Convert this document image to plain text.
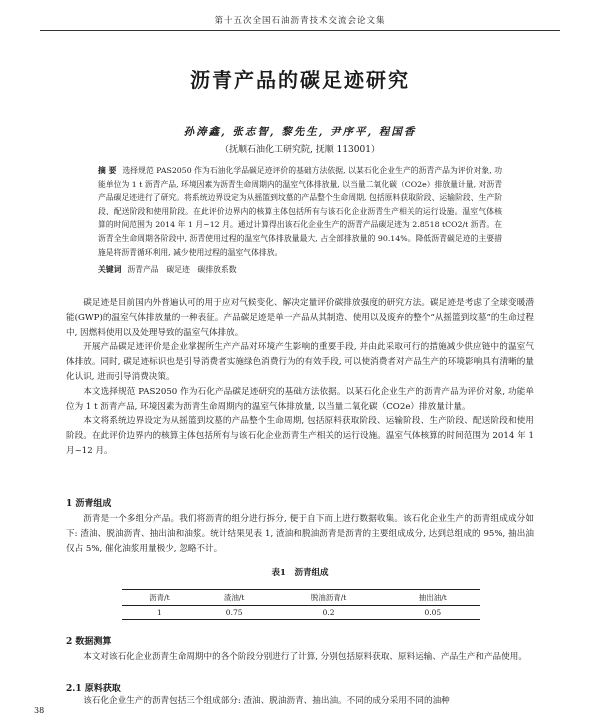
第十五次全国石油沥青技术交流会论文集
沥青产品的碳足迹研究
孙涛鑫, 张志智, 黎先生, 尹序平, 程国香
（抚顺石油化工研究院, 抚顺 113001）
摘 要 选择规范 PAS2050 作为石油化学品碳足迹评价的基础方法依据, 以某石化企业生产的沥青产品为评价对象, 功能单位为 1 t 沥青产品, 环境因素为沥青生命周期内的温室气体排放量, 以当量二氧化碳（CO2e）排放量计量, 对沥青产品碳足迹进行了研究。将系统边界设定为从摇篮到坟墓的产品整个生命周期, 包括原料获取阶段、运输阶段、生产阶段、配送阶段和使用阶段。在此评价边界内的核算主体包括所有与该石化企业沥青生产相关的运行设施。温室气体核算的时间范围为 2014 年 1 月~12 月。通过计算得出该石化企业生产的沥青产品碳足迹为 2.8518 tCO2/t 沥青。在沥青全生命周期各阶段中, 沥青使用过程的温室气体排放量最大, 占全部排放量的 90.14%。降低沥青碳足迹的主要措施是将沥青循环利用, 减少使用过程的温室气体排放。
关键词 沥青产品　碳足迹　碳排放系数

碳足迹是目前国内外普遍认可的用于应对气候变化、解决定量评价碳排放强度的研究方法。碳足迹是考虑了全球变暖潜能(GWP)的温室气体排放量的一种表征。产品碳足迹是单一产品从其制造、使用以及废弃的整个“从摇篮到坟墓”的生命过程中, 因燃料使用以及处理导致的温室气体排放。

开展产品碳足迹评价是企业掌握所生产产品对环境产生影响的重要手段, 并由此采取可行的措施减少供应链中的温室气体排放。同时, 碳足迹标识也是引导消费者实施绿色消费行为的有效手段, 可以使消费者对产品生产的环境影响具有清晰的量化认识, 进而引导消费决策。

本文选择规范 PAS2050 作为石化产品碳足迹研究的基础方法依据。以某石化企业生产的沥青产品为评价对象, 功能单位为 1 t 沥青产品, 环境因素为沥青生命周期内的温室气体排放量, 以当量二氧化碳（CO2e）排放量计量。

本文将系统边界设定为从摇篮到坟墓的产品整个生命周期, 包括原料获取阶段、运输阶段、生产阶段、配送阶段和使用阶段。在此评价边界内的核算主体包括所有与该石化企业沥青生产相关的运行设施。温室气体核算的时间范围为 2014 年 1 月~12 月。

1 沥青组成

沥青是一个多组分产品。我们将沥青的组分进行拆分, 便于自下而上进行数据收集。该石化企业生产的沥青组成成分如下: 渣油、脱油沥青、抽出油和油浆。统计结果见表 1, 渣油和脱油沥青是沥青的主要组成成分, 达到总组成的 95%, 抽出油仅占 5%, 催化油浆用量极少, 忽略不计。

表1　沥青组成
沥青/t	渣油/t	脱油沥青/t	抽出油/t
1	0.75	0.2	0.05
2 数据测算

本文对该石化企业沥青生命周期中的各个阶段分别进行了计算, 分别包括原料获取、原料运输、产品生产和产品使用。

2.1 原料获取

该石化企业生产的沥青包括三个组成部分: 渣油、脱油沥青、抽出油。不同的成分采用不同的油种

38
